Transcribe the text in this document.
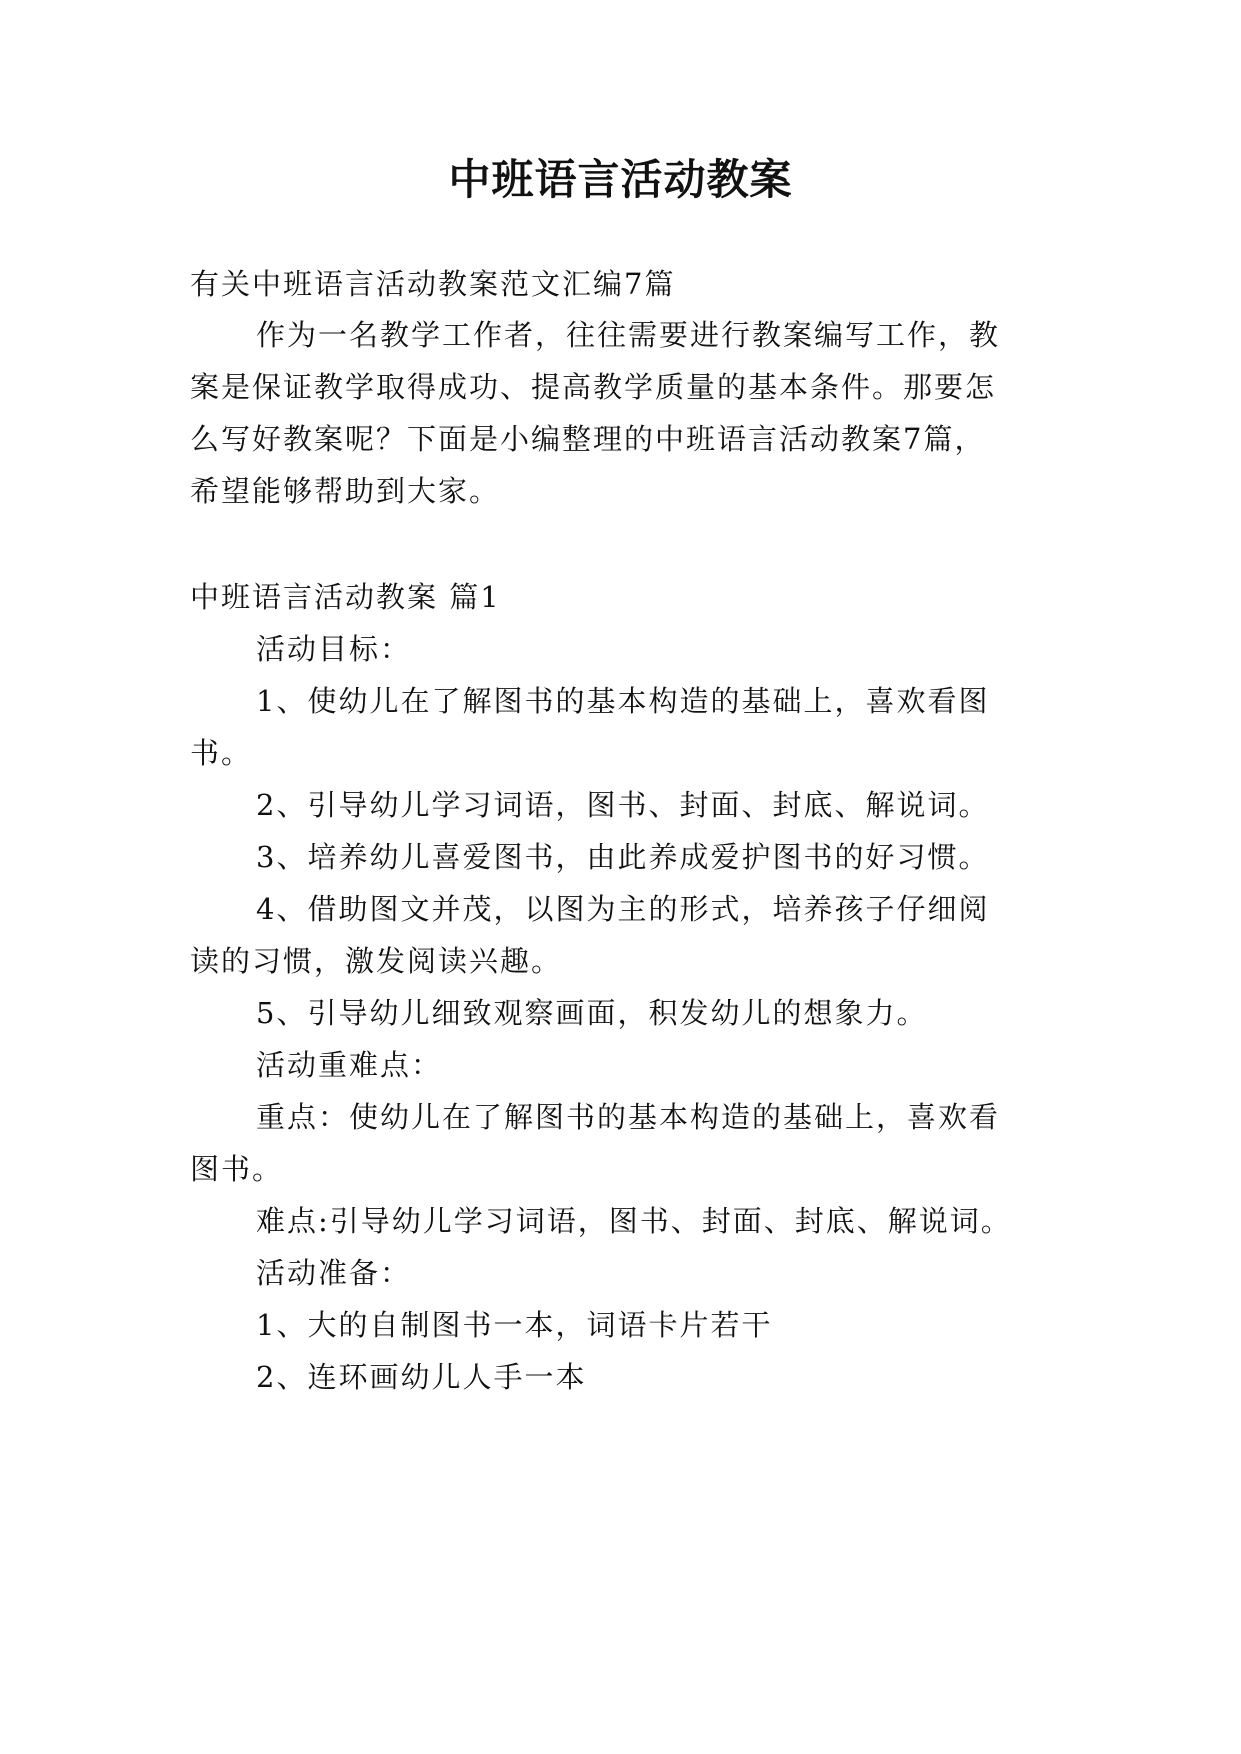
中班语言活动教案
有关中班语言活动教案范文汇编7篇
作为一名教学工作者，往往需要进行教案编写工作，教
案是保证教学取得成功、提高教学质量的基本条件。那要怎
么写好教案呢？下面是小编整理的中班语言活动教案7篇，
希望能够帮助到大家。
中班语言活动教案 篇1
活动目标：
1、使幼儿在了解图书的基本构造的基础上，喜欢看图
书。
2、引导幼儿学习词语，图书、封面、封底、解说词。
3、培养幼儿喜爱图书，由此养成爱护图书的好习惯。
4、借助图文并茂，以图为主的形式，培养孩子仔细阅
读的习惯，激发阅读兴趣。
5、引导幼儿细致观察画面，积发幼儿的想象力。
活动重难点：
重点：使幼儿在了解图书的基本构造的基础上，喜欢看
图书。
难点:引导幼儿学习词语，图书、封面、封底、解说词。
活动准备：
1、大的自制图书一本，词语卡片若干
2、连环画幼儿人手一本
